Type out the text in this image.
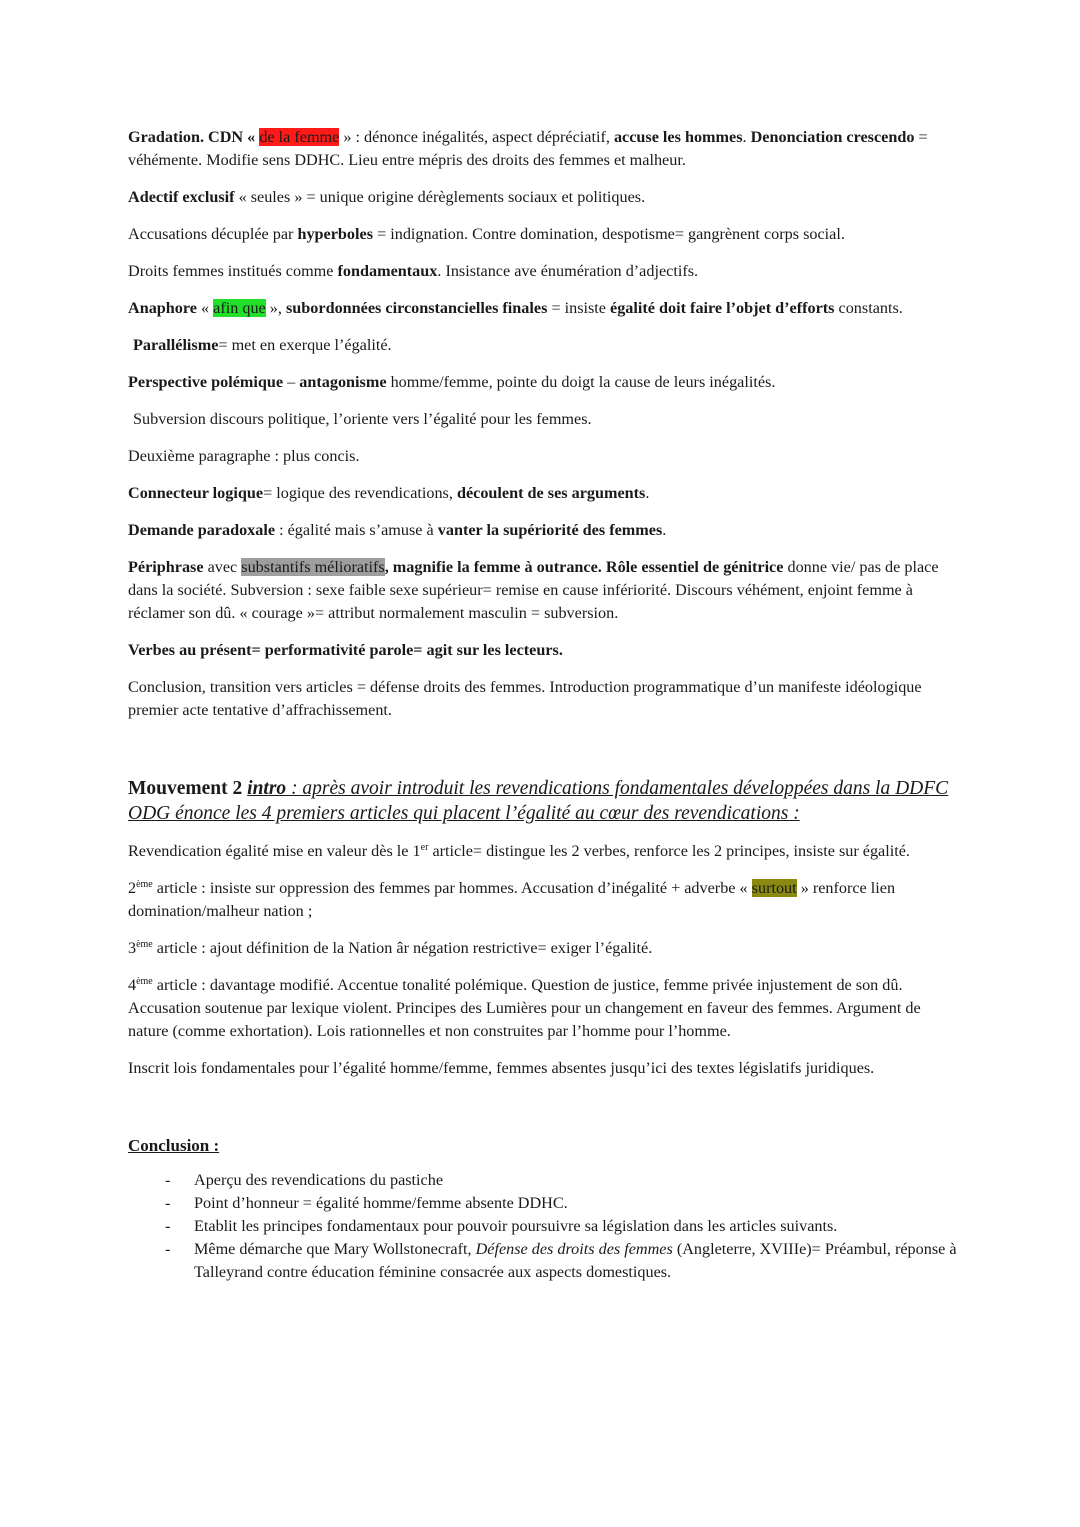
Gradation. CDN « de la femme » : dénonce inégalités, aspect dépréciatif, accuse les hommes. Denonciation crescendo = véhémente. Modifie sens DDHC. Lieu entre mépris des droits des femmes et malheur.

Adectif exclusif « seules » = unique origine dérèglements sociaux et politiques.

Accusations décuplée par hyperboles = indignation. Contre domination, despotisme= gangrènent corps social.

Droits femmes institués comme fondamentaux. Insistance ave énumération d’adjectifs.

Anaphore « afin que », subordonnées circonstancielles finales = insiste égalité doit faire l’objet d’efforts constants.

Parallélisme= met en exerque l’égalité.

Perspective polémique – antagonisme homme/femme, pointe du doigt la cause de leurs inégalités.

Subversion discours politique, l’oriente vers l’égalité pour les femmes.

Deuxième paragraphe : plus concis.

Connecteur logique= logique des revendications, découlent de ses arguments.

Demande paradoxale : égalité mais s’amuse à vanter la supériorité des femmes.

Périphrase avec substantifs mélioratifs, magnifie la femme à outrance. Rôle essentiel de génitrice donne vie/ pas de place dans la société. Subversion : sexe faible sexe supérieur= remise en cause infériorité. Discours véhément, enjoint femme à réclamer son dû. « courage »= attribut normalement masculin = subversion.

Verbes au présent= performativité parole= agit sur les lecteurs.

Conclusion, transition vers articles = défense droits des femmes. Introduction programmatique d’un manifeste idéologique premier acte tentative d’affrachissement.

Mouvement 2 intro : après avoir introduit les revendications fondamentales développées dans la DDFC ODG énonce les 4 premiers articles qui placent l’égalité au cœur des revendications :

Revendication égalité mise en valeur dès le 1er article= distingue les 2 verbes, renforce les 2 principes, insiste sur égalité.

2ème article : insiste sur oppression des femmes par hommes. Accusation d’inégalité + adverbe « surtout » renforce lien domination/malheur nation ;

3ème article : ajout définition de la Nation âr négation restrictive= exiger l’égalité.

4ème article : davantage modifié. Accentue tonalité polémique. Question de justice, femme privée injustement de son dû. Accusation soutenue par lexique violent. Principes des Lumières pour un changement en faveur des femmes. Argument de nature (comme exhortation). Lois rationnelles et non construites par l’homme pour l’homme.

Inscrit lois fondamentales pour l’égalité homme/femme, femmes absentes jusqu’ici des textes législatifs juridiques.

Conclusion :

- Aperçu des revendications du pastiche
- Point d’honneur = égalité homme/femme absente DDHC.
- Etablit les principes fondamentaux pour pouvoir poursuivre sa législation dans les articles suivants.
- Même démarche que Mary Wollstonecraft, Défense des droits des femmes (Angleterre, XVIIIe)= Préambul, réponse à Talleyrand contre éducation féminine consacrée aux aspects domestiques.
